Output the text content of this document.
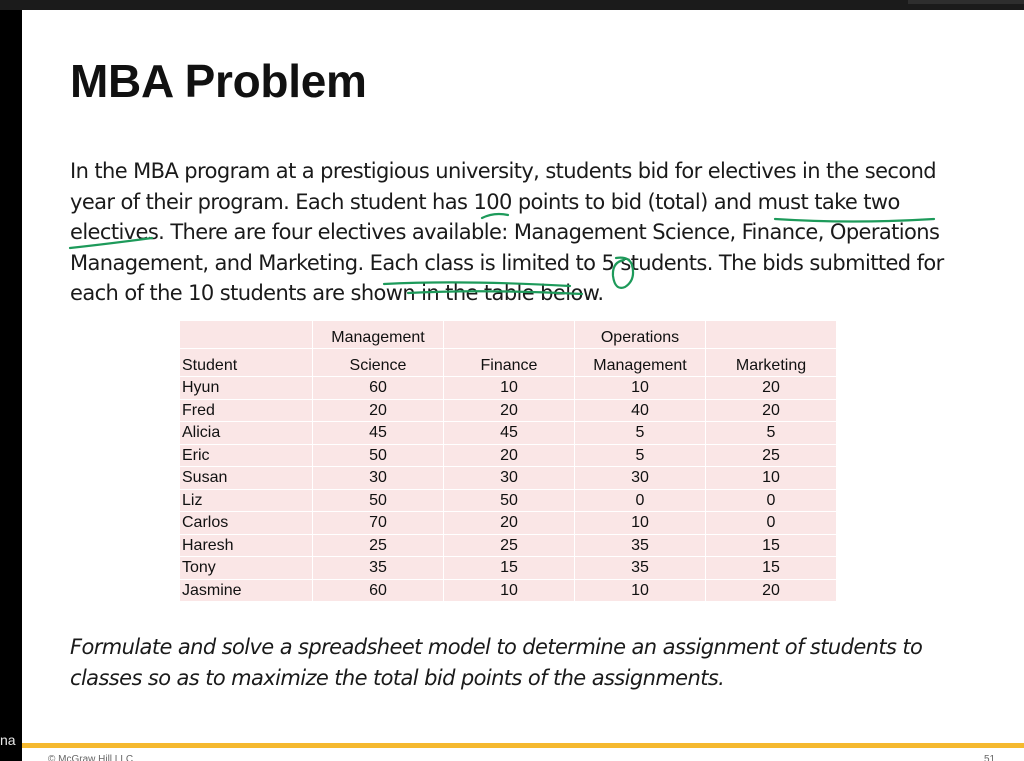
na
MBA Problem

In the MBA program at a prestigious university, students bid for electives in the second year of their program. Each student has 100 points to bid (total) and must take two electives. There are four electives available: Management Science, Finance, Operations Management, and Marketing. Each class is limited to 5 students. The bids submitted for each of the 10 students are shown in the table below.

	Management		Operations	
Student	Science	Finance	Management	Marketing
Hyun	60	10	10	20
Fred	20	20	40	20
Alicia	45	45	5	5
Eric	50	20	5	25
Susan	30	30	30	10
Liz	50	50	0	0
Carlos	70	20	10	0
Haresh	25	25	35	15
Tony	35	15	35	15
Jasmine	60	10	10	20

Formulate and solve a spreadsheet model to determine an assignment of students to classes so as to maximize the total bid points of the assignments.

© McGraw Hill LLC	51
